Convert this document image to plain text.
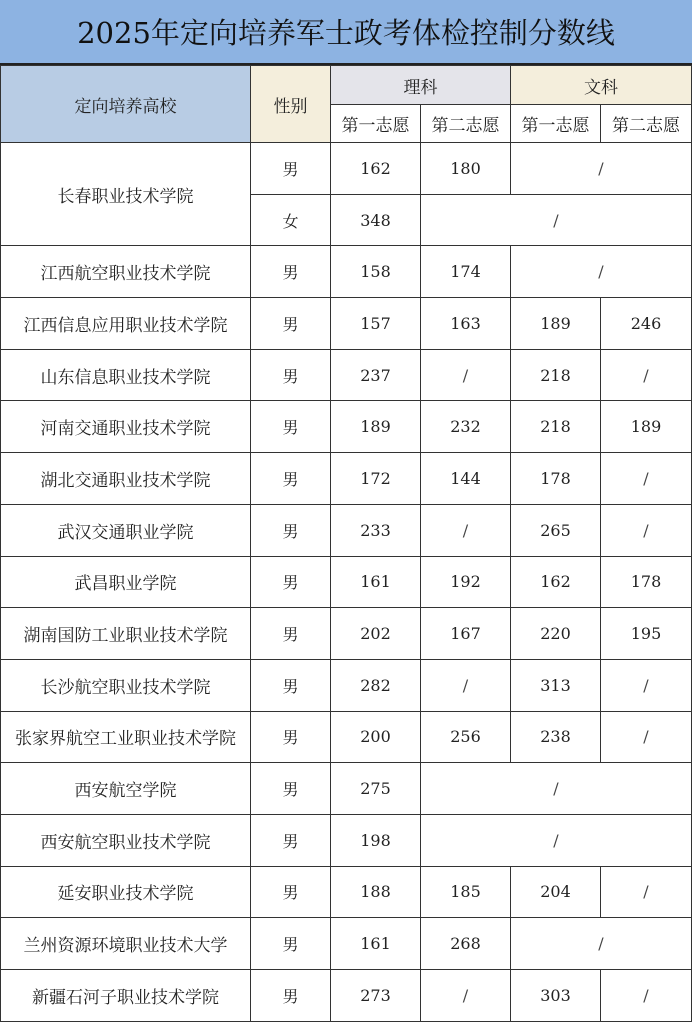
2025年定向培养军士政考体检控制分数线
定向培养高校	性别	理科		文科	
		第一志愿	第二志愿	第一志愿	第二志愿
长春职业技术学院	男	162	180	/	
	女	348	/		
江西航空职业技术学院	男	158	174	/	
江西信息应用职业技术学院	男	157	163	189	246
山东信息职业技术学院	男	237	/	218	/
河南交通职业技术学院	男	189	232	218	189
湖北交通职业技术学院	男	172	144	178	/
武汉交通职业学院	男	233	/	265	/
武昌职业学院	男	161	192	162	178
湖南国防工业职业技术学院	男	202	167	220	195
长沙航空职业技术学院	男	282	/	313	/
张家界航空工业职业技术学院	男	200	256	238	/
西安航空学院	男	275	/		
西安航空职业技术学院	男	198	/		
延安职业技术学院	男	188	185	204	/
兰州资源环境职业技术大学	男	161	268	/	
新疆石河子职业技术学院	男	273	/	303	/
